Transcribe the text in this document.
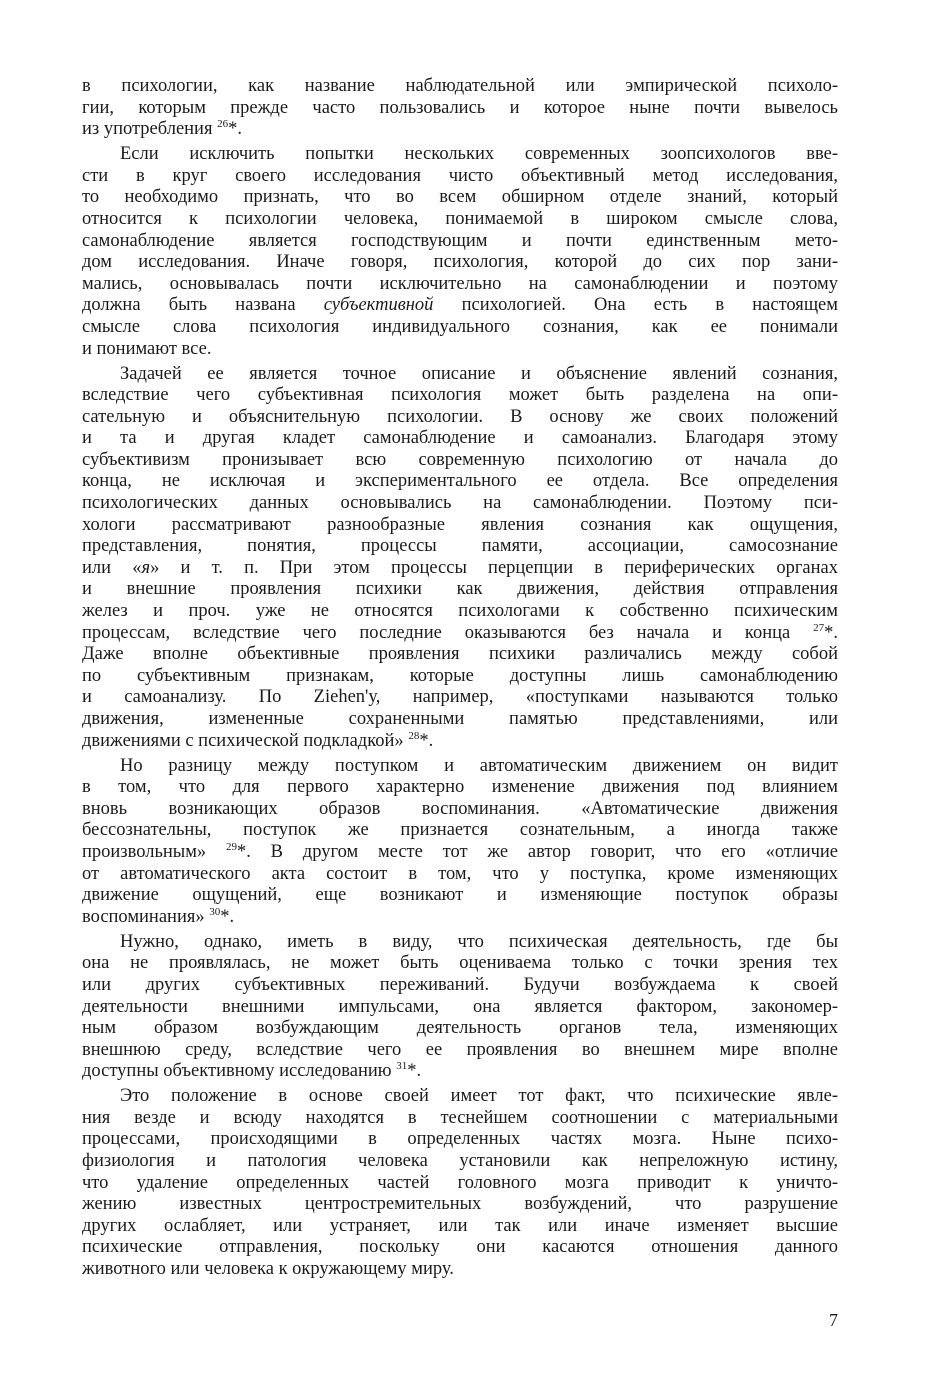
в психологии, как название наблюдательной или эмпирической психоло-
гии, которым прежде часто пользовались и которое ныне почти вывелось
из употребления $^{26}$*.
Если исключить попытки нескольких современных зоопсихологов вве-
сти в круг своего исследования чисто объективный метод исследования,
то необходимо признать, что во всем обширном отделе знаний, который
относится к психологии человека, понимаемой в широком смысле слова,
самонаблюдение является господствующим и почти единственным мето-
дом исследования. Иначе говоря, психология, которой до сих пор зани-
мались, основывалась почти исключительно на самонаблюдении и поэтому
должна быть названа субъективной психологией. Она есть в настоящем
смысле слова психология индивидуального сознания, как ее понимали
и понимают все.
Задачей ее является точное описание и объяснение явлений сознания,
вследствие чего субъективная психология может быть разделена на опи-
сательную и объяснительную психологии. В основу же своих положений
и та и другая кладет самонаблюдение и самоанализ. Благодаря этому
субъективизм пронизывает всю современную психологию от начала до
конца, не исключая и экспериментального ее отдела. Все определения
психологических данных основывались на самонаблюдении. Поэтому пси-
хологи рассматривают разнообразные явления сознания как ощущения,
представления, понятия, процессы памяти, ассоциации, самосознание
или «я» и т. п. При этом процессы перцепции в периферических органах
и внешние проявления психики как движения, действия отправления
желез и проч. уже не относятся психологами к собственно психическим
процессам, вследствие чего последние оказываются без начала и конца $^{27}$*.
Даже вполне объективные проявления психики различались между собой
по субъективным признакам, которые доступны лишь самонаблюдению
и самоанализу. По Ziehen'у, например, «поступками называются только
движения, измененные сохраненными памятью представлениями, или
движениями с психической подкладкой» $^{28}$*.
Но разницу между поступком и автоматическим движением он видит
в том, что для первого характерно изменение движения под влиянием
вновь возникающих образов воспоминания. «Автоматические движения
бессознательны, поступок же признается сознательным, а иногда также
произвольным» $^{29}$*. В другом месте тот же автор говорит, что его «отличие
от автоматического акта состоит в том, что у поступка, кроме изменяющих
движение ощущений, еще возникают и изменяющие поступок образы
воспоминания» $^{30}$*.
Нужно, однако, иметь в виду, что психическая деятельность, где бы
она не проявлялась, не может быть оцениваема только с точки зрения тех
или других субъективных переживаний. Будучи возбуждаема к своей
деятельности внешними импульсами, она является фактором, закономер-
ным образом возбуждающим деятельность органов тела, изменяющих
внешнюю среду, вследствие чего ее проявления во внешнем мире вполне
доступны объективному исследованию $^{31}$*.
Это положение в основе своей имеет тот факт, что психические явле-
ния везде и всюду находятся в теснейшем соотношении с материальными
процессами, происходящими в определенных частях мозга. Ныне психо-
физиология и патология человека установили как непреложную истину,
что удаление определенных частей головного мозга приводит к уничто-
жению известных центростремительных возбуждений, что разрушение
других ослабляет, или устраняет, или так или иначе изменяет высшие
психические отправления, поскольку они касаются отношения данного
животного или человека к окружающему миру.
7
